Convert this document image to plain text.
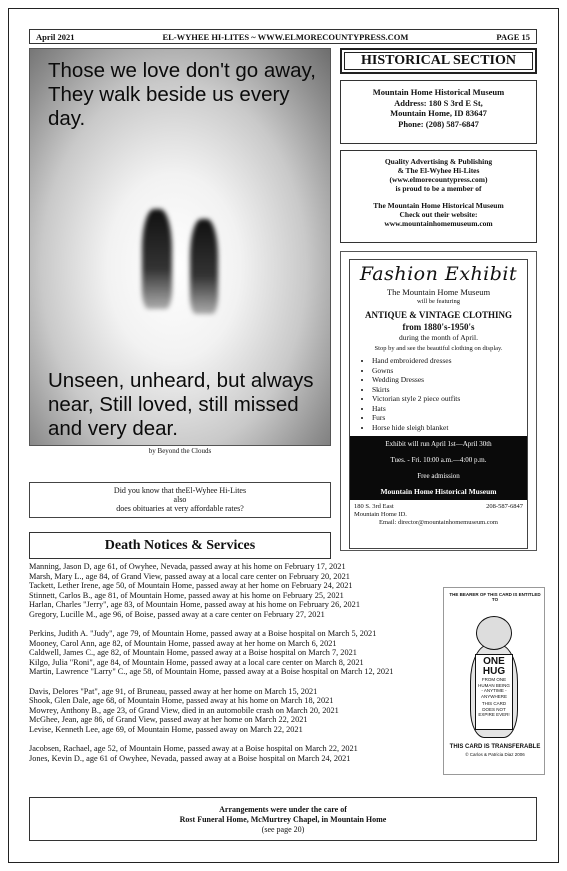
April 2021	EL-WYHEE HI-LITES ~ WWW.ELMORECOUNTYPRESS.COM	PAGE 15
Those we love don't go away, They walk beside us every day.
Unseen, unheard, but always near, Still loved, still missed and very dear.
by Beyond the Clouds
Did you know that theEl-Wyhee Hi-Lites
also
does obituaries at very affordable rates?
Death Notices & Services
HISTORICAL SECTION
Mountain Home Historical Museum
Address: 180 S 3rd E St,
Mountain Home, ID 83647
Phone: (208) 587-6847
Quality Advertising & Publishing
& The El-Wyhee Hi-Lites
(www.elmorecountypress.com)
is proud to be a member of
The Mountain Home Historical Museum
Check out their website:
www.mountainhomemuseum.com
Fashion Exhibit
The Mountain Home Museum
will be featuring
ANTIQUE & VINTAGE CLOTHING
from 1880's-1950's
during the month of April.
Stop by and see the beautiful clothing on display.
• Hand embroidered dresses
• Gowns
• Wedding Dresses
• Skirts
• Victorian style 2 piece outfits
• Hats
• Furs
• Horse hide sleigh blanket
Exhibit will run April 1st—April 30th
Tues. - Fri. 10:00 a.m.—4:00 p.m.
Free admission
Mountain Home Historical Museum
180 S. 3rd East	208-587-6847
Mountain Home ID.
Email: director@mountainhomemuseum.com
THE BEARER OF THIS CARD IS ENTITLED TO
ONE HUG
FROM ONE HUMAN BEING
- ANYTIME - ANYWHERE
THIS CARD DOES NOT EXPIRE EVER!
THIS CARD IS TRANSFERABLE
© Carlos & Patricia Diaz 2006
Manning, Jason D, age 61, of Owyhee, Nevada, passed away at his home on February 17, 2021
Marsh, Mary L., age 84, of Grand View, passed away at a local care center on February 20, 2021
Tackett, Lether Irene, age 50, of Mountain Home, passed away at her home on February 24, 2021
Stinnett, Carlos B., age 81, of Mountain Home, passed away at his home on February 25, 2021
Harlan, Charles "Jerry", age 83, of Mountain Home, passed away at his home on February 26, 2021
Gregory, Lucille M., age 96, of Boise, passed away at a care center on February 27, 2021
Perkins, Judith A. "Judy", age 79, of Mountain Home, passed away at a Boise hospital on March 5, 2021
Mooney, Carol Ann, age 82, of Mountain Home, passed away at her home on March 6, 2021
Caldwell, James C., age 82, of Mountain Home, passed away at a Boise hospital on March 7, 2021
Kilgo, Julia "Roni", age 84, of Mountain Home, passed away at a local care center on March 8, 2021
Martin, Lawrence "Larry" C., age 58, of Mountain Home, passed away at a Boise hospital on March 12, 2021
Davis, Delores "Pat", age 91, of Bruneau, passed away at her home on March 15, 2021
Shook, Glen Dale, age 68, of Mountain Home, passed away at his home on March 18, 2021
Mowrey, Anthony B., age 23, of Grand View, died in an automobile crash on March 20, 2021
McGhee, Jean, age 86, of Grand View, passed away at her home on March 22, 2021
Levise, Kenneth Lee, age 69, of Mountain Home, passed away on March 22, 2021
Jacobsen, Rachael, age 52, of Mountain Home, passed away at a Boise hospital on March 22, 2021
Jones, Kevin D., age 61 of Owyhee, Nevada, passed away at a Boise hospital on March 24, 2021
Arrangements were under the care of
Rost Funeral Home, McMurtrey Chapel, in Mountain Home
(see page 20)
